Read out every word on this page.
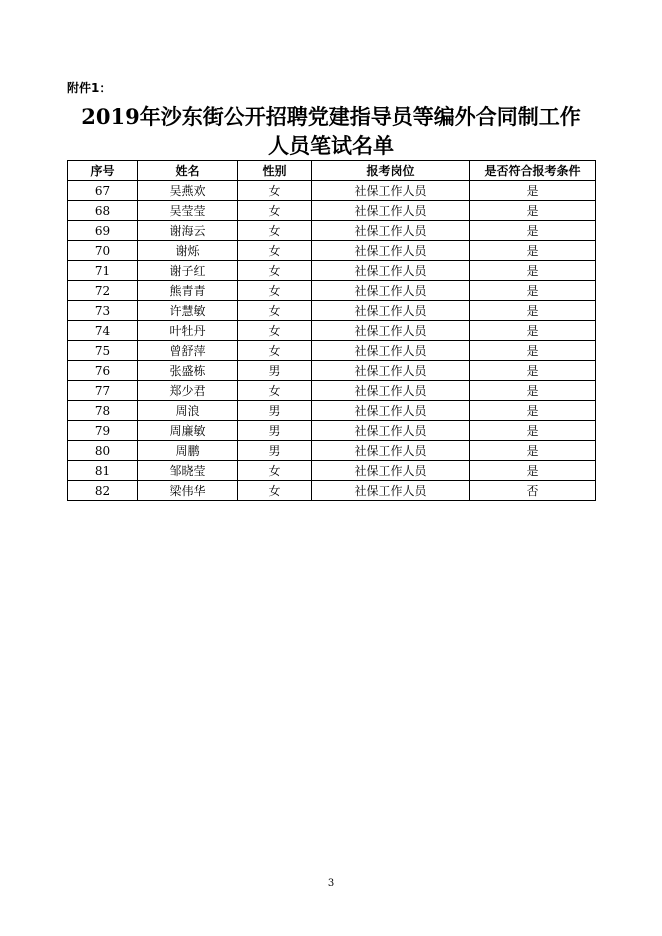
附件1：
2019年沙东街公开招聘党建指导员等编外合同制工作
人员笔试名单
序号	姓名	性别	报考岗位	是否符合报考条件
67	吴燕欢	女	社保工作人员	是
68	吴莹莹	女	社保工作人员	是
69	谢海云	女	社保工作人员	是
70	谢烁	女	社保工作人员	是
71	谢子红	女	社保工作人员	是
72	熊青青	女	社保工作人员	是
73	许慧敏	女	社保工作人员	是
74	叶牡丹	女	社保工作人员	是
75	曾舒萍	女	社保工作人员	是
76	张盛栋	男	社保工作人员	是
77	郑少君	女	社保工作人员	是
78	周浪	男	社保工作人员	是
79	周廉敏	男	社保工作人员	是
80	周鹏	男	社保工作人员	是
81	邹晓莹	女	社保工作人员	是
82	梁伟华	女	社保工作人员	否
3
